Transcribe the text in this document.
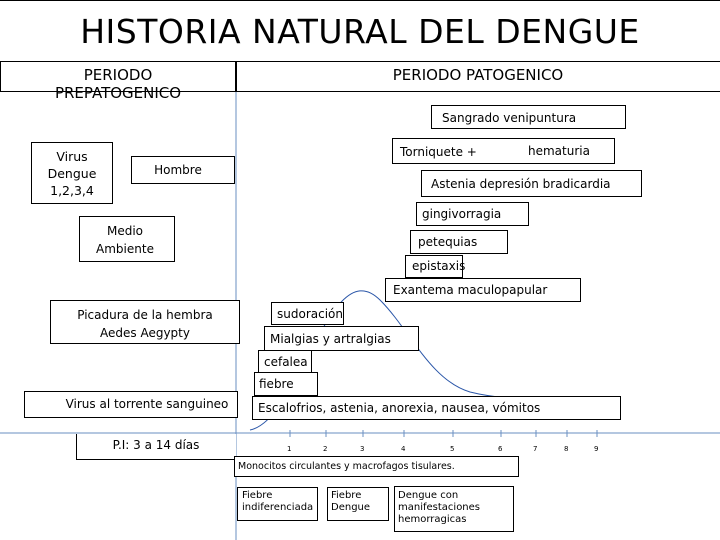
HISTORIA NATURAL DEL DENGUE
PERIODO
PREPATOGENICO
PERIODO PATOGENICO
Virus
Dengue
1,2,3,4
Hombre
Medio
Ambiente
Picadura de la hembra
Aedes Aegypty
Virus al torrente sanguineo
P.I: 3 a 14 días
Sangrado venipuntura
Torniquete +	hematuria
Astenia depresión bradicardia
gingivorragia
petequias
epistaxis
Exantema maculopapular
sudoración
Mialgias y artralgias
cefalea
fiebre
Escalofrios, astenia, anorexia, nausea, vómitos
1	2	3	4	5	6	7	8	9
Monocitos circulantes y macrofagos tisulares.
Fiebre
indiferenciada
Fiebre
Dengue
Dengue con
manifestaciones
hemorragicas
